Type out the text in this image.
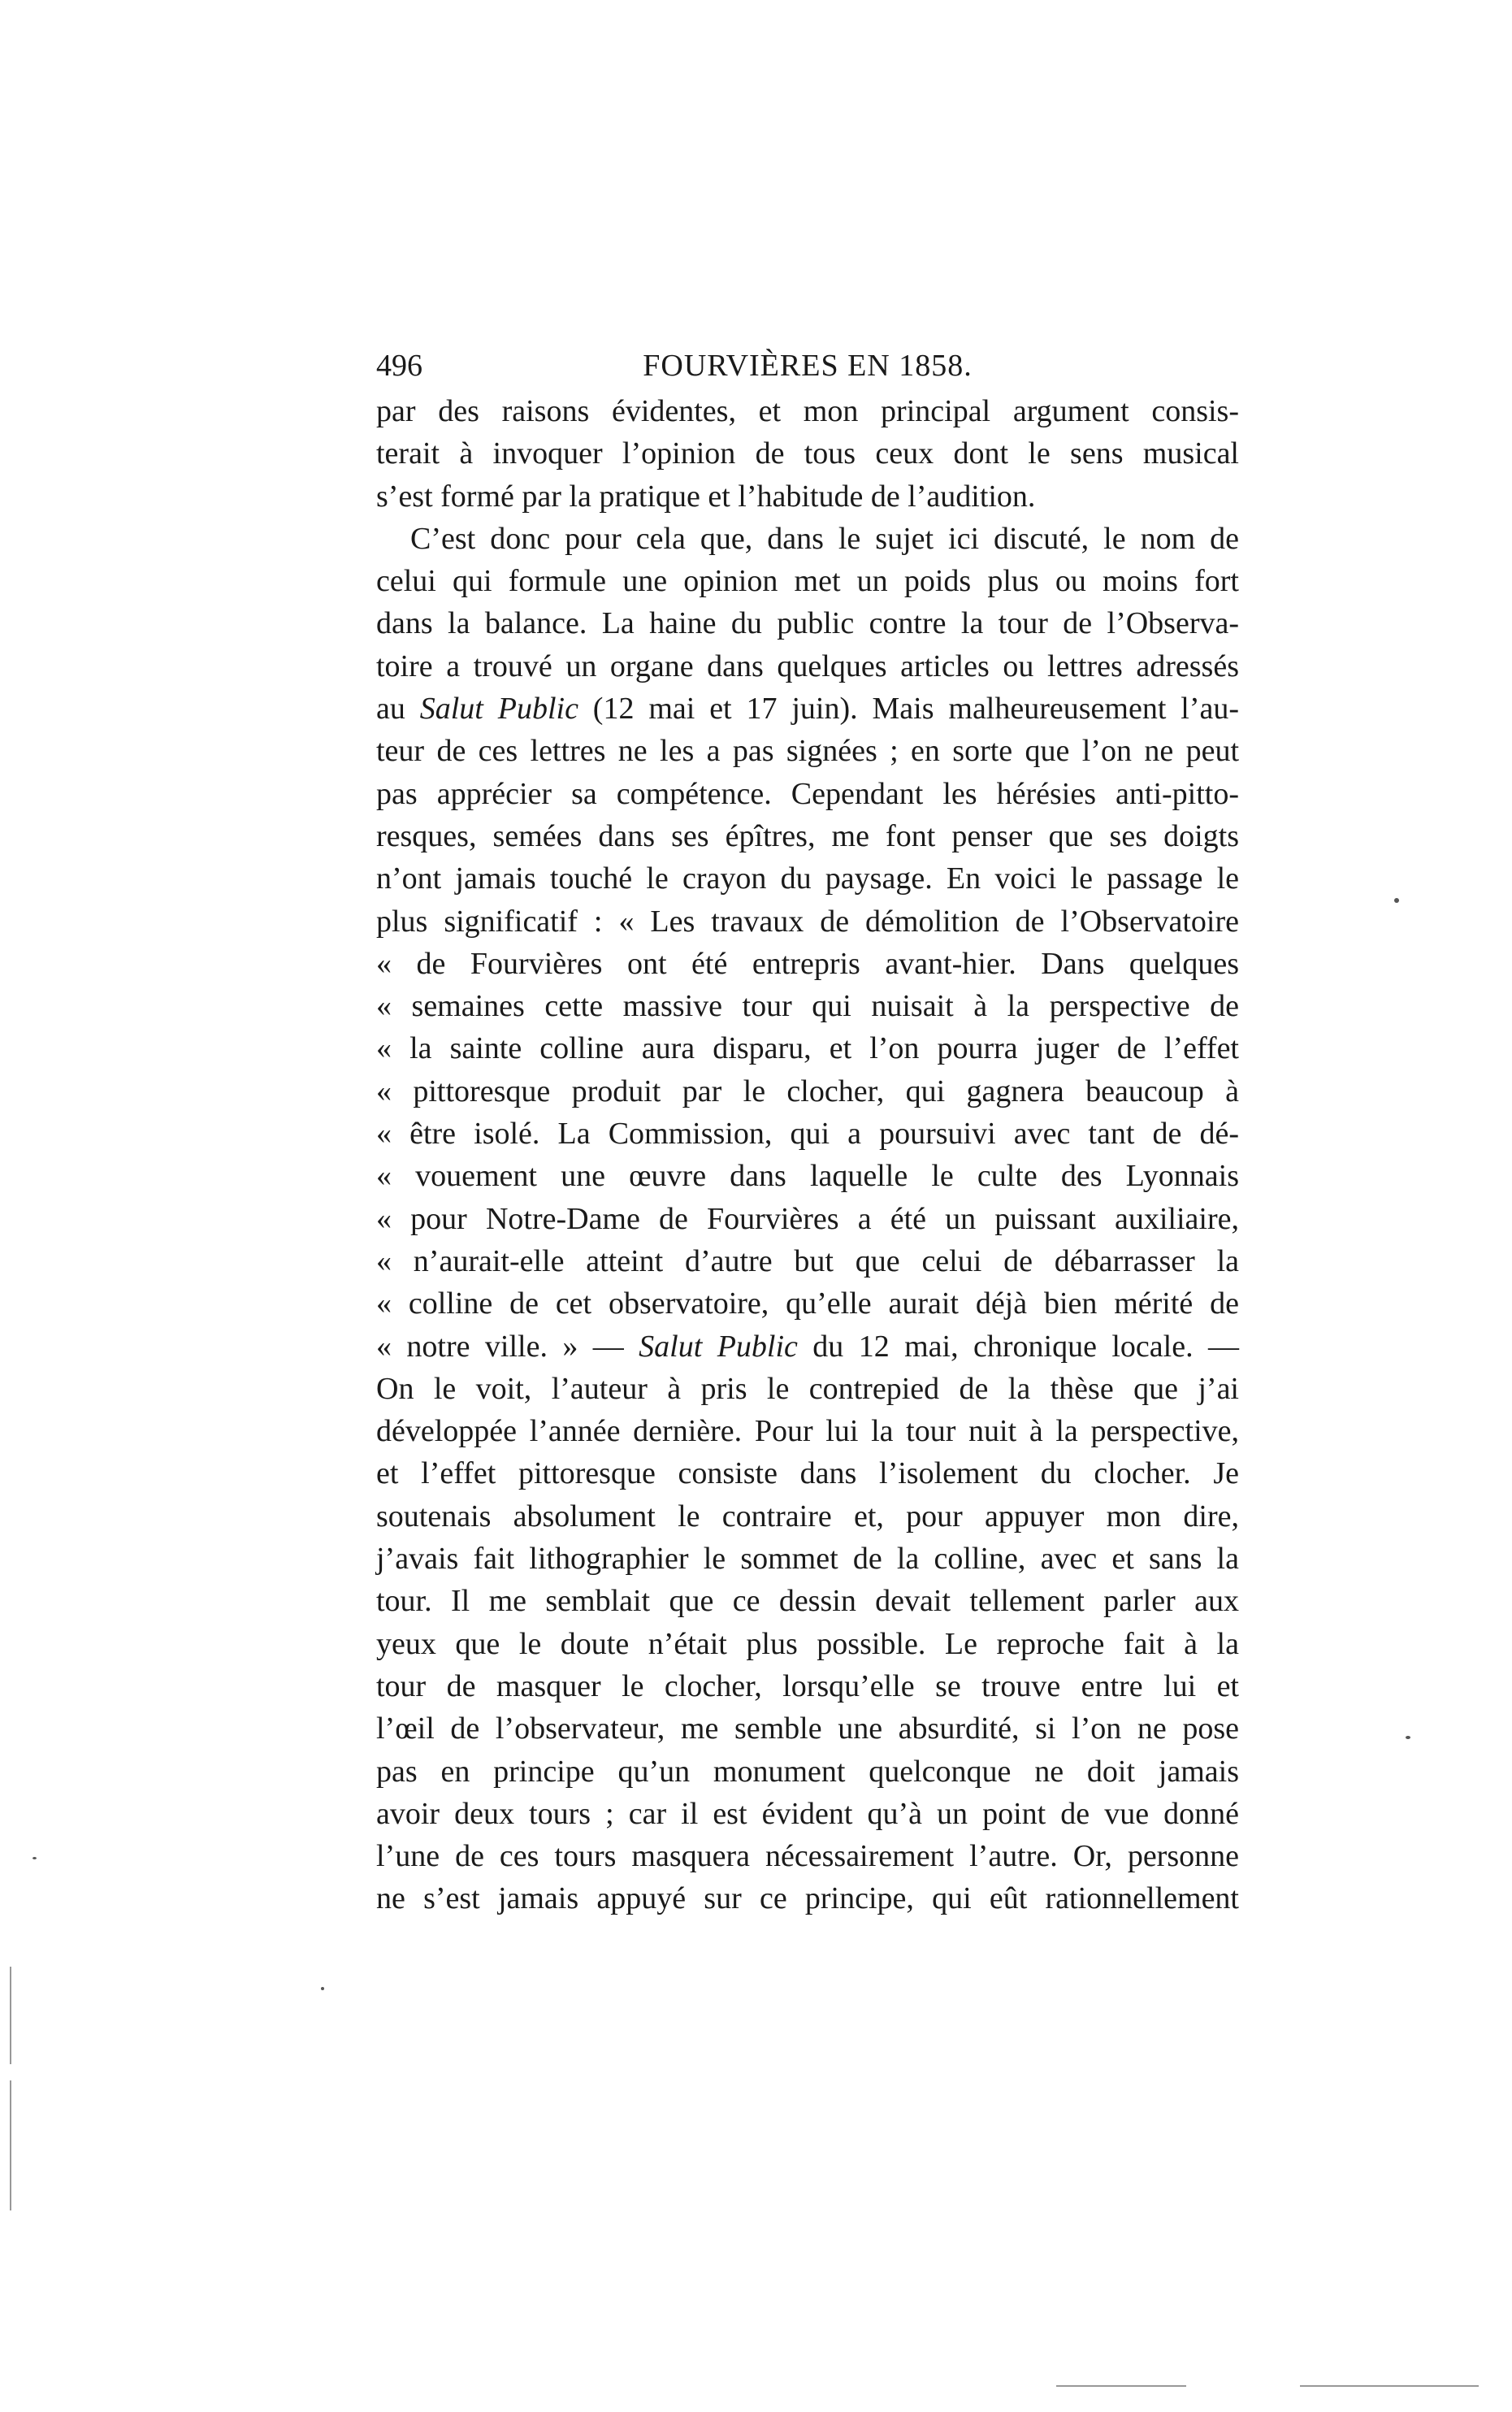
496	FOURVIÈRES EN 1858.
par des raisons évidentes, et mon principal argument consis-
terait à invoquer l’opinion de tous ceux dont le sens musical
s’est formé par la pratique et l’habitude de l’audition.
C’est donc pour cela que, dans le sujet ici discuté, le nom de
celui qui formule une opinion met un poids plus ou moins fort
dans la balance. La haine du public contre la tour de l’Observa-
toire a trouvé un organe dans quelques articles ou lettres adressés
au Salut Public (12 mai et 17 juin). Mais malheureusement l’au-
teur de ces lettres ne les a pas signées ; en sorte que l’on ne peut
pas apprécier sa compétence. Cependant les hérésies anti-pitto-
resques, semées dans ses épîtres, me font penser que ses doigts
n’ont jamais touché le crayon du paysage. En voici le passage le
plus significatif : « Les travaux de démolition de l’Observatoire
« de Fourvières ont été entrepris avant-hier. Dans quelques
« semaines cette massive tour qui nuisait à la perspective de
« la sainte colline aura disparu, et l’on pourra juger de l’effet
« pittoresque produit par le clocher, qui gagnera beaucoup à
« être isolé. La Commission, qui a poursuivi avec tant de dé-
« vouement une œuvre dans laquelle le culte des Lyonnais
« pour Notre-Dame de Fourvières a été un puissant auxiliaire,
« n’aurait-elle atteint d’autre but que celui de débarrasser la
« colline de cet observatoire, qu’elle aurait déjà bien mérité de
« notre ville. » — Salut Public du 12 mai, chronique locale. —
On le voit, l’auteur à pris le contrepied de la thèse que j’ai
développée l’année dernière. Pour lui la tour nuit à la perspective,
et l’effet pittoresque consiste dans l’isolement du clocher. Je
soutenais absolument le contraire et, pour appuyer mon dire,
j’avais fait lithographier le sommet de la colline, avec et sans la
tour. Il me semblait que ce dessin devait tellement parler aux
yeux que le doute n’était plus possible. Le reproche fait à la
tour de masquer le clocher, lorsqu’elle se trouve entre lui et
l’œil de l’observateur, me semble une absurdité, si l’on ne pose
pas en principe qu’un monument quelconque ne doit jamais
avoir deux tours ; car il est évident qu’à un point de vue donné
l’une de ces tours masquera nécessairement l’autre. Or, personne
ne s’est jamais appuyé sur ce principe, qui eût rationnellement
